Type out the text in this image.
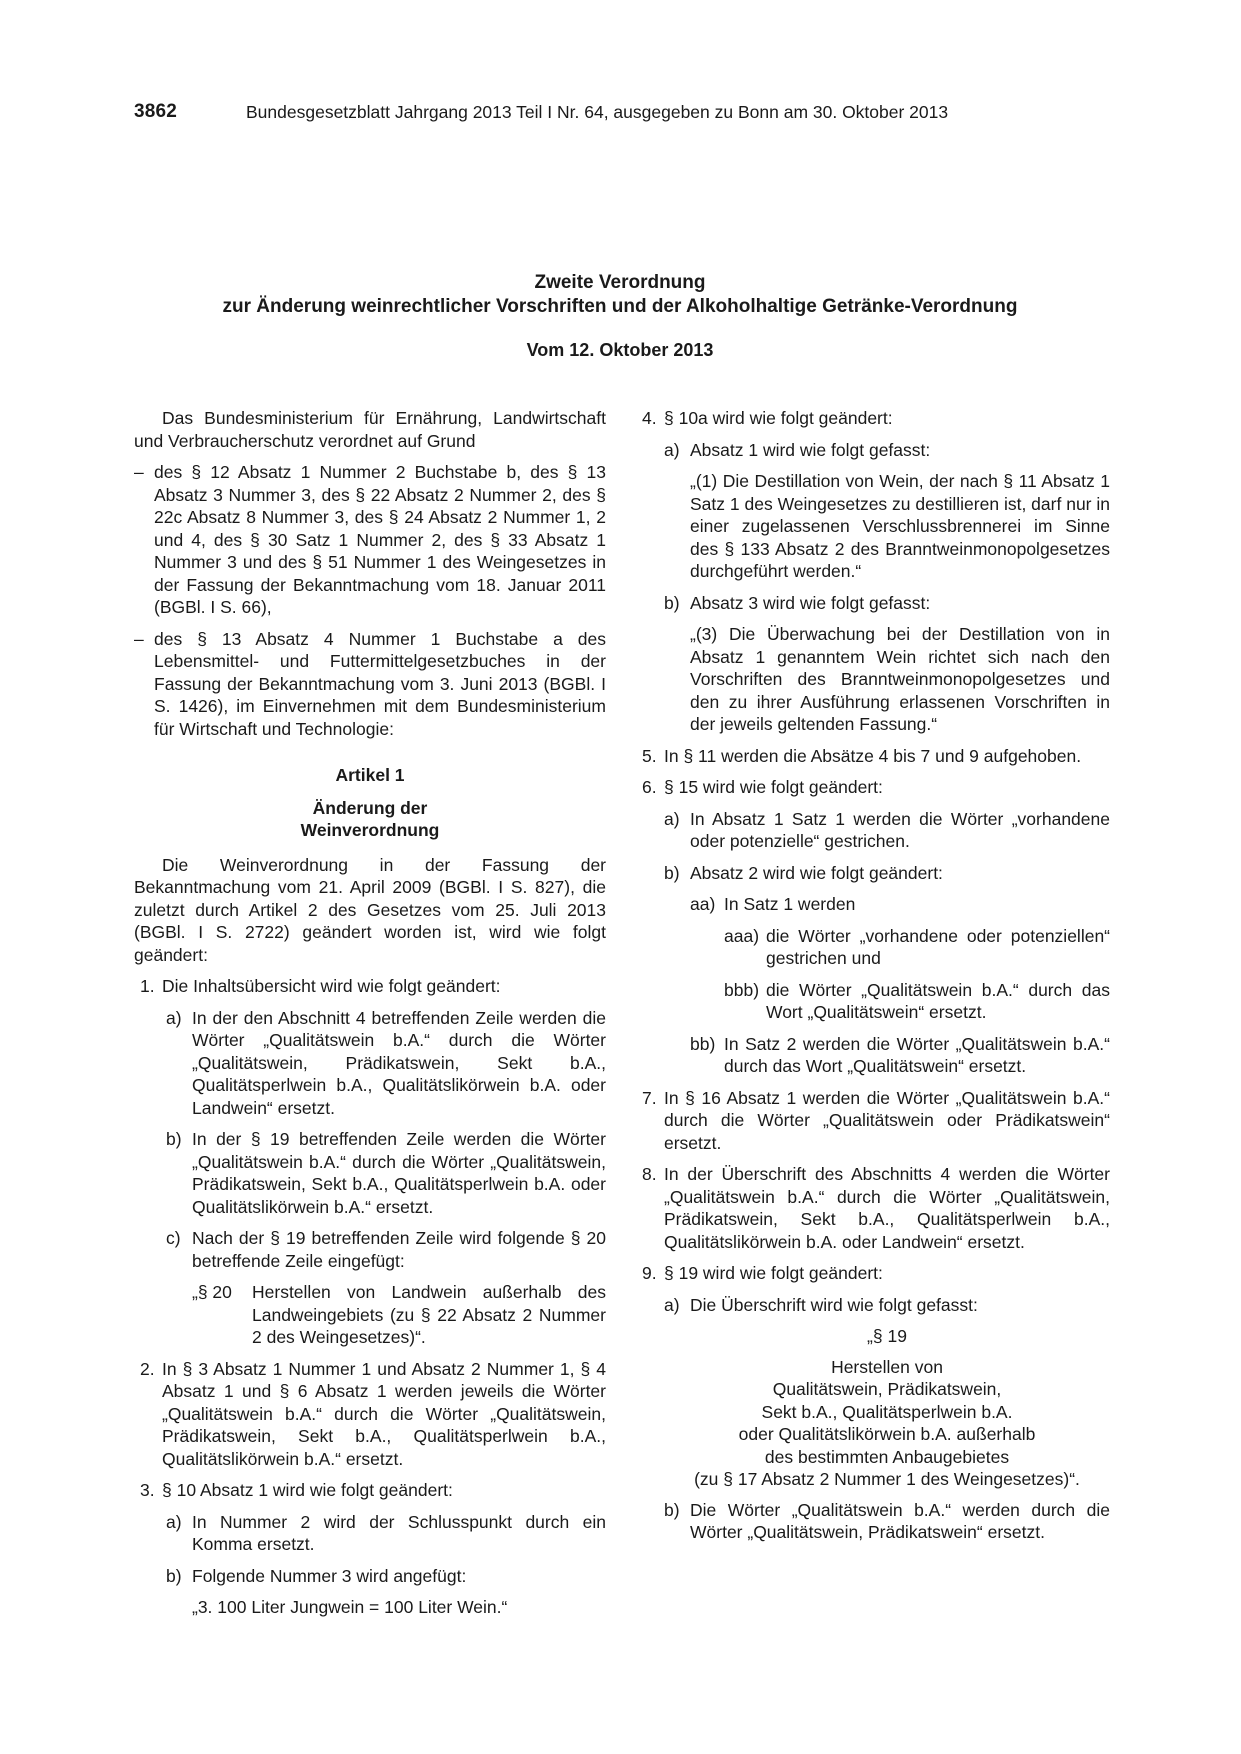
3862	Bundesgesetzblatt Jahrgang 2013 Teil I Nr. 64, ausgegeben zu Bonn am 30. Oktober 2013
Zweite Verordnung
zur Änderung weinrechtlicher Vorschriften und der Alkoholhaltige Getränke-Verordnung
Vom 12. Oktober 2013

Das Bundesministerium für Ernährung, Landwirtschaft und Verbraucherschutz verordnet auf Grund

– des § 12 Absatz 1 Nummer 2 Buchstabe b, des § 13 Absatz 3 Nummer 3, des § 22 Absatz 2 Nummer 2, des § 22c Absatz 8 Nummer 3, des § 24 Absatz 2 Nummer 1, 2 und 4, des § 30 Satz 1 Nummer 2, des § 33 Absatz 1 Nummer 3 und des § 51 Nummer 1 des Weingesetzes in der Fassung der Bekanntmachung vom 18. Januar 2011 (BGBl. I S. 66),
– des § 13 Absatz 4 Nummer 1 Buchstabe a des Lebensmittel- und Futtermittelgesetzbuches in der Fassung der Bekanntmachung vom 3. Juni 2013 (BGBl. I S. 1426), im Einvernehmen mit dem Bundesministerium für Wirtschaft und Technologie:
Artikel 1
Änderung der
Weinverordnung

Die Weinverordnung in der Fassung der Bekanntmachung vom 21. April 2009 (BGBl. I S. 827), die zuletzt durch Artikel 2 des Gesetzes vom 25. Juli 2013 (BGBl. I S. 2722) geändert worden ist, wird wie folgt geändert:

1. Die Inhaltsübersicht wird wie folgt geändert:
a) In der den Abschnitt 4 betreffenden Zeile werden die Wörter „Qualitätswein b.A.“ durch die Wörter „Qualitätswein, Prädikatswein, Sekt b.A., Qualitätsperlwein b.A., Qualitätslikörwein b.A. oder Landwein“ ersetzt.
b) In der § 19 betreffenden Zeile werden die Wörter „Qualitätswein b.A.“ durch die Wörter „Qualitätswein, Prädikatswein, Sekt b.A., Qualitätsperlwein b.A. oder Qualitätslikörwein b.A.“ ersetzt.
c) Nach der § 19 betreffenden Zeile wird folgende § 20 betreffende Zeile eingefügt:
„§ 20	Herstellen von Landwein außerhalb des Landweingebiets (zu § 22 Absatz 2 Nummer 2 des Weingesetzes)“.
2. In § 3 Absatz 1 Nummer 1 und Absatz 2 Nummer 1, § 4 Absatz 1 und § 6 Absatz 1 werden jeweils die Wörter „Qualitätswein b.A.“ durch die Wörter „Qualitätswein, Prädikatswein, Sekt b.A., Qualitätsperlwein b.A., Qualitätslikörwein b.A.“ ersetzt.
3. § 10 Absatz 1 wird wie folgt geändert:
a) In Nummer 2 wird der Schlusspunkt durch ein Komma ersetzt.
b) Folgende Nummer 3 wird angefügt:
„3. 100 Liter Jungwein = 100 Liter Wein.“
4. § 10a wird wie folgt geändert:
a) Absatz 1 wird wie folgt gefasst:
„(1) Die Destillation von Wein, der nach § 11 Absatz 1 Satz 1 des Weingesetzes zu destillieren ist, darf nur in einer zugelassenen Verschlussbrennerei im Sinne des § 133 Absatz 2 des Branntweinmonopolgesetzes durchgeführt werden.“
b) Absatz 3 wird wie folgt gefasst:
„(3) Die Überwachung bei der Destillation von in Absatz 1 genanntem Wein richtet sich nach den Vorschriften des Branntweinmonopolgesetzes und den zu ihrer Ausführung erlassenen Vorschriften in der jeweils geltenden Fassung.“
5. In § 11 werden die Absätze 4 bis 7 und 9 aufgehoben.
6. § 15 wird wie folgt geändert:
a) In Absatz 1 Satz 1 werden die Wörter „vorhandene oder potenzielle“ gestrichen.
b) Absatz 2 wird wie folgt geändert:
aa) In Satz 1 werden
aaa) die Wörter „vorhandene oder potenziellen“ gestrichen und
bbb) die Wörter „Qualitätswein b.A.“ durch das Wort „Qualitätswein“ ersetzt.
bb) In Satz 2 werden die Wörter „Qualitätswein b.A.“ durch das Wort „Qualitätswein“ ersetzt.
7. In § 16 Absatz 1 werden die Wörter „Qualitätswein b.A.“ durch die Wörter „Qualitätswein oder Prädikatswein“ ersetzt.
8. In der Überschrift des Abschnitts 4 werden die Wörter „Qualitätswein b.A.“ durch die Wörter „Qualitätswein, Prädikatswein, Sekt b.A., Qualitätsperlwein b.A., Qualitätslikörwein b.A. oder Landwein“ ersetzt.
9. § 19 wird wie folgt geändert:
a) Die Überschrift wird wie folgt gefasst:
„§ 19
Herstellen von
Qualitätswein, Prädikatswein,
Sekt b.A., Qualitätsperlwein b.A.
oder Qualitätslikörwein b.A. außerhalb
des bestimmten Anbaugebietes
(zu § 17 Absatz 2 Nummer 1 des Weingesetzes)“.
b) Die Wörter „Qualitätswein b.A.“ werden durch die Wörter „Qualitätswein, Prädikatswein“ ersetzt.
